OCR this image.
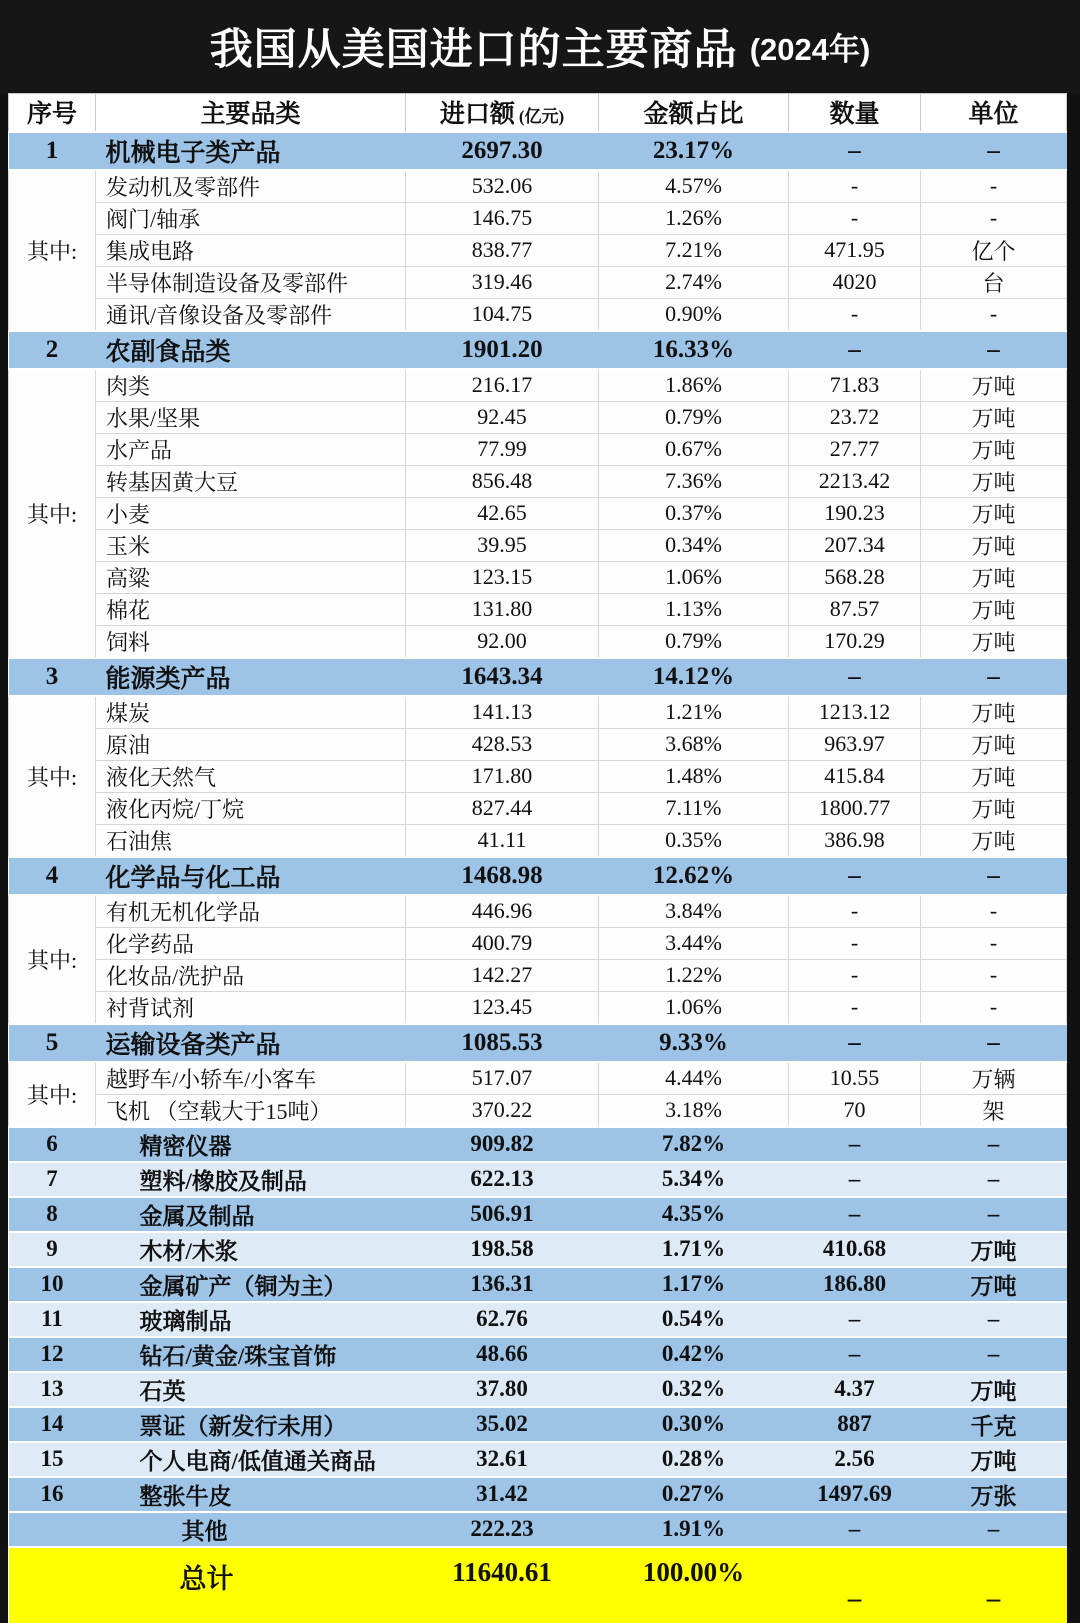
我国从美国进口的主要商品 (2024年)
序号	主要品类	进口额 (亿元)	金额占比	数量	单位
1	机械电子类产品	2697.30	23.17%	–	–
其中:	发动机及零部件	532.06	4.57%	-	-
	阀门/轴承	146.75	1.26%	-	-
	集成电路	838.77	7.21%	471.95	亿个
	半导体制造设备及零部件	319.46	2.74%	4020	台
	通讯/音像设备及零部件	104.75	0.90%	-	-
2	农副食品类	1901.20	16.33%	–	–
其中:	肉类	216.17	1.86%	71.83	万吨
	水果/坚果	92.45	0.79%	23.72	万吨
	水产品	77.99	0.67%	27.77	万吨
	转基因黄大豆	856.48	7.36%	2213.42	万吨
	小麦	42.65	0.37%	190.23	万吨
	玉米	39.95	0.34%	207.34	万吨
	高粱	123.15	1.06%	568.28	万吨
	棉花	131.80	1.13%	87.57	万吨
	饲料	92.00	0.79%	170.29	万吨
3	能源类产品	1643.34	14.12%	–	–
其中:	煤炭	141.13	1.21%	1213.12	万吨
	原油	428.53	3.68%	963.97	万吨
	液化天然气	171.80	1.48%	415.84	万吨
	液化丙烷/丁烷	827.44	7.11%	1800.77	万吨
	石油焦	41.11	0.35%	386.98	万吨
4	化学品与化工品	1468.98	12.62%	–	–
其中:	有机无机化学品	446.96	3.84%	-	-
	化学药品	400.79	3.44%	-	-
	化妆品/洗护品	142.27	1.22%	-	-
	衬背试剂	123.45	1.06%	-	-
5	运输设备类产品	1085.53	9.33%	–	–
其中:	越野车/小轿车/小客车	517.07	4.44%	10.55	万辆
	飞机 （空载大于15吨）	370.22	3.18%	70	架
6	精密仪器	909.82	7.82%	–	–
7	塑料/橡胶及制品	622.13	5.34%	–	–
8	金属及制品	506.91	4.35%	–	–
9	木材/木浆	198.58	1.71%	410.68	万吨
10	金属矿产（铜为主）	136.31	1.17%	186.80	万吨
11	玻璃制品	62.76	0.54%	–	–
12	钻石/黄金/珠宝首饰	48.66	0.42%	–	–
13	石英	37.80	0.32%	4.37	万吨
14	票证（新发行未用）	35.02	0.30%	887	千克
15	个人电商/低值通关商品	32.61	0.28%	2.56	万吨
16	整张牛皮	31.42	0.27%	1497.69	万张
	其他	222.23	1.91%	–	–
	总计	11640.61	100.00%	–	–
